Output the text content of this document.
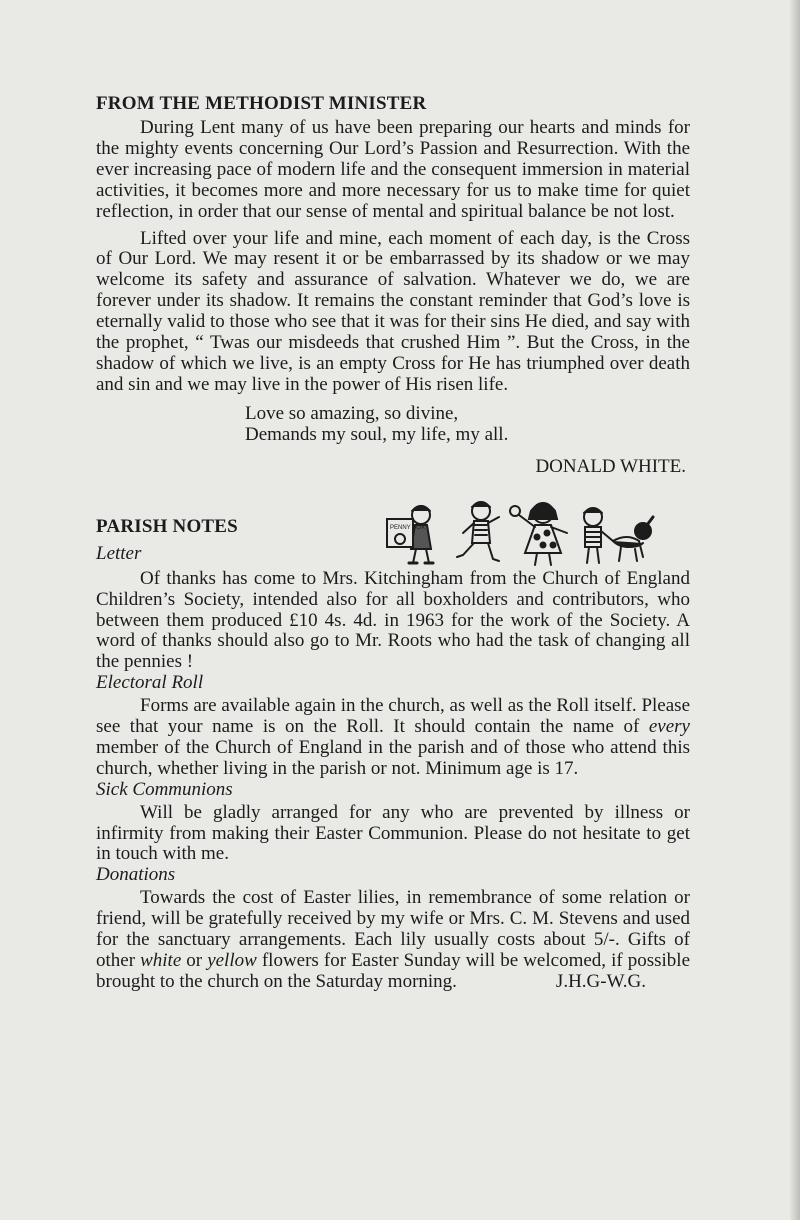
FROM THE METHODIST MINISTER

During Lent many of us have been preparing our hearts and minds for the mighty events concerning Our Lord’s Passion and Resurrection. With the ever increasing pace of modern life and the consequent immersion in material activities, it becomes more and more necessary for us to make time for quiet reflection, in order that our sense of mental and spiritual balance be not lost.

Lifted over your life and mine, each moment of each day, is the Cross of Our Lord. We may resent it or be embarrassed by its shadow or we may welcome its safety and assurance of salvation. Whatever we do, we are forever under its shadow. It remains the constant reminder that God’s love is eternally valid to those who see that it was for their sins He died, and say with the prophet, “ Twas our misdeeds that crushed Him ”. But the Cross, in the shadow of which we live, is an empty Cross for He has triumphed over death and sin and we may live in the power of His risen life.

Love so amazing, so divine,
Demands my soul, my life, my all.
DONALD WHITE.
PARISH NOTES
Letter
PENNY BOX

Of thanks has come to Mrs. Kitchingham from the Church of England Children’s Society, intended also for all boxholders and contributors, who between them produced £10 4s. 4d. in 1963 for the work of the Society. A word of thanks should also go to Mr. Roots who had the task of changing all the pennies !

Electoral Roll

Forms are available again in the church, as well as the Roll itself. Please see that your name is on the Roll. It should contain the name of every member of the Church of England in the parish and of those who attend this church, whether living in the parish or not. Minimum age is 17.

Sick Communions

Will be gladly arranged for any who are prevented by illness or infirmity from making their Easter Communion. Please do not hesitate to get in touch with me.

Donations

Towards the cost of Easter lilies, in remembrance of some relation or friend, will be gratefully received by my wife or Mrs. C. M. Stevens and used for the sanctuary arrangements. Each lily usually costs about 5/-. Gifts of other white or yellow flowers for Easter Sunday will be welcomed, if possible brought to the church on the Saturday morning.	J.H.G-W.G.
